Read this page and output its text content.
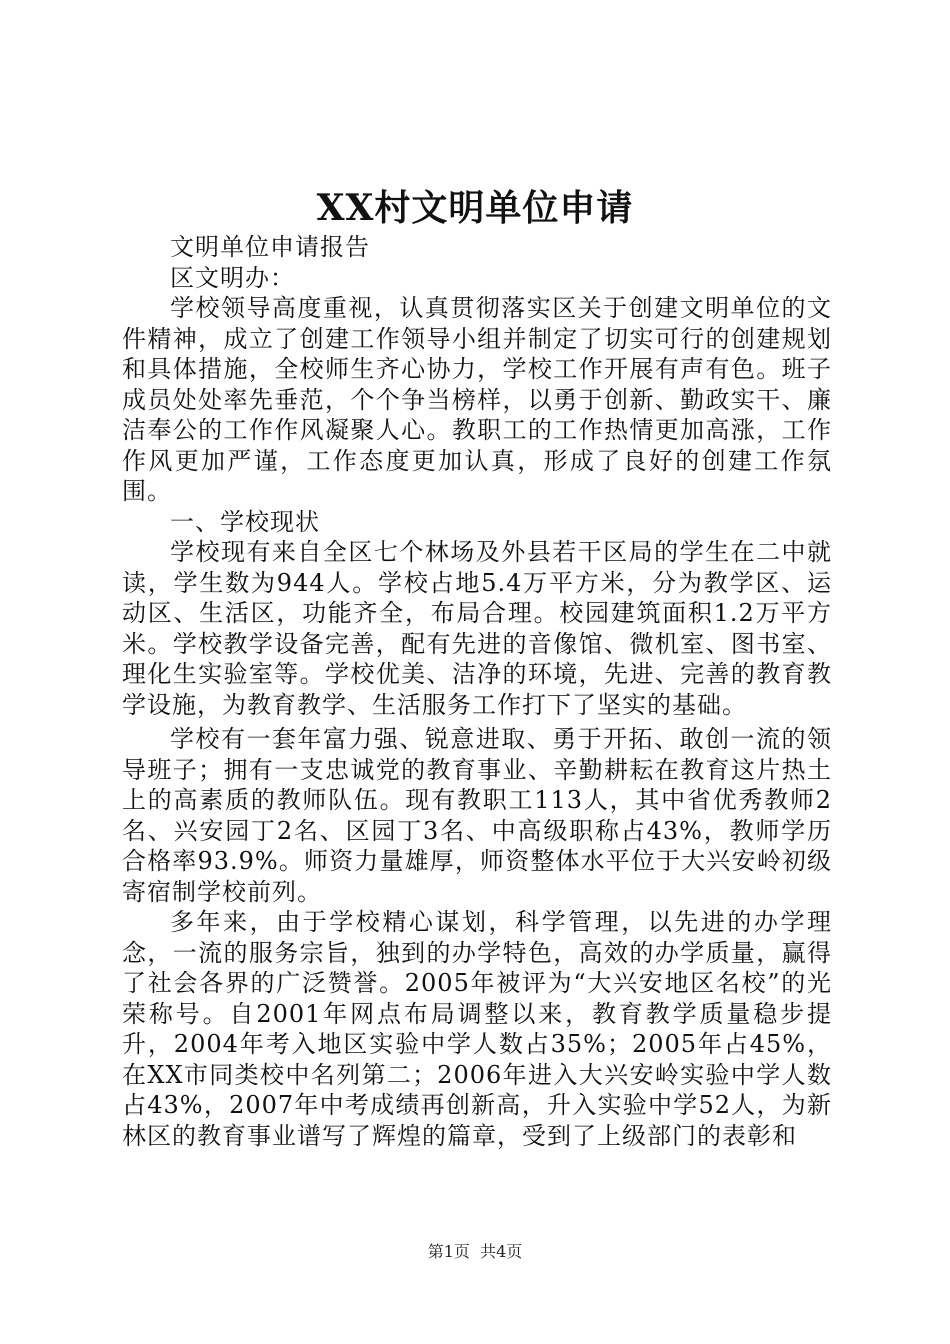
XX村文明单位申请

文明单位申请报告

区文明办：

学校领导高度重视，认真贯彻落实区关于创建文明单位的文件精神，成立了创建工作领导小组并制定了切实可行的创建规划和具体措施，全校师生齐心协力，学校工作开展有声有色。班子成员处处率先垂范，个个争当榜样，以勇于创新、勤政实干、廉洁奉公的工作作风凝聚人心。教职工的工作热情更加高涨，工作作风更加严谨，工作态度更加认真，形成了良好的创建工作氛围。

一、学校现状

学校现有来自全区七个林场及外县若干区局的学生在二中就读，学生数为944人。学校占地5.4万平方米，分为教学区、运动区、生活区，功能齐全，布局合理。校园建筑面积1.2万平方米。学校教学设备完善，配有先进的音像馆、微机室、图书室、理化生实验室等。学校优美、洁净的环境，先进、完善的教育教学设施，为教育教学、生活服务工作打下了坚实的基础。

学校有一套年富力强、锐意进取、勇于开拓、敢创一流的领导班子；拥有一支忠诚党的教育事业、辛勤耕耘在教育这片热土上的高素质的教师队伍。现有教职工113人，其中省优秀教师2名、兴安园丁2名、区园丁3名、中高级职称占43%，教师学历合格率93.9%。师资力量雄厚，师资整体水平位于大兴安岭初级寄宿制学校前列。

多年来，由于学校精心谋划，科学管理，以先进的办学理念，一流的服务宗旨，独到的办学特色，高效的办学质量，赢得了社会各界的广泛赞誉。2005年被评为“大兴安地区名校”的光荣称号。自2001年网点布局调整以来，教育教学质量稳步提升，2004年考入地区实验中学人数占35%；2005年占45%，在XX市同类校中名列第二；2006年进入大兴安岭实验中学人数占43%，2007年中考成绩再创新高，升入实验中学52人，为新林区的教育事业谱写了辉煌的篇章，受到了上级部门的表彰和

第1页 共4页
